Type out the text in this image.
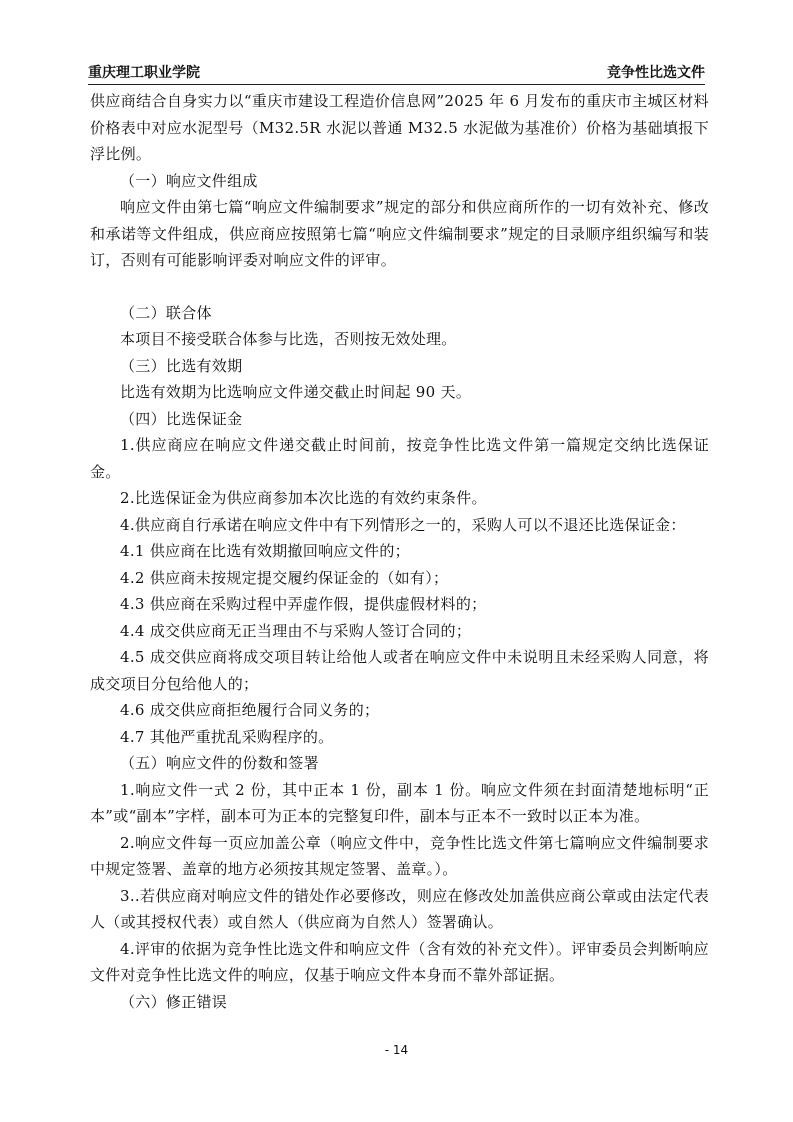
重庆理工职业学院	竞争性比选文件

供应商结合自身实力以“重庆市建设工程造价信息网”2025 年 6 月发布的重庆市主城区材料价格表中对应水泥型号（M32.5R 水泥以普通 M32.5 水泥做为基准价）价格为基础填报下浮比例。

（一）响应文件组成

响应文件由第七篇“响应文件编制要求”规定的部分和供应商所作的一切有效补充、修改和承诺等文件组成，供应商应按照第七篇“响应文件编制要求”规定的目录顺序组织编写和装订，否则有可能影响评委对响应文件的评审。

（二）联合体

本项目不接受联合体参与比选，否则按无效处理。

（三）比选有效期

比选有效期为比选响应文件递交截止时间起 90 天。

（四）比选保证金

1.供应商应在响应文件递交截止时间前，按竞争性比选文件第一篇规定交纳比选保证金。

2.比选保证金为供应商参加本次比选的有效约束条件。

4.供应商自行承诺在响应文件中有下列情形之一的，采购人可以不退还比选保证金：

4.1 供应商在比选有效期撤回响应文件的；

4.2 供应商未按规定提交履约保证金的（如有）；

4.3 供应商在采购过程中弄虚作假，提供虚假材料的；

4.4 成交供应商无正当理由不与采购人签订合同的；

4.5 成交供应商将成交项目转让给他人或者在响应文件中未说明且未经采购人同意，将成交项目分包给他人的；

4.6 成交供应商拒绝履行合同义务的；

4.7 其他严重扰乱采购程序的。

（五）响应文件的份数和签署

1.响应文件一式 2 份，其中正本 1 份，副本 1 份。响应文件须在封面清楚地标明“正本”或“副本”字样，副本可为正本的完整复印件，副本与正本不一致时以正本为准。

2.响应文件每一页应加盖公章（响应文件中，竞争性比选文件第七篇响应文件编制要求中规定签署、盖章的地方必须按其规定签署、盖章。）。

3..若供应商对响应文件的错处作必要修改，则应在修改处加盖供应商公章或由法定代表人（或其授权代表）或自然人（供应商为自然人）签署确认。

4.评审的依据为竞争性比选文件和响应文件（含有效的补充文件）。评审委员会判断响应文件对竞争性比选文件的响应，仅基于响应文件本身而不靠外部证据。

（六）修正错误

- 14
